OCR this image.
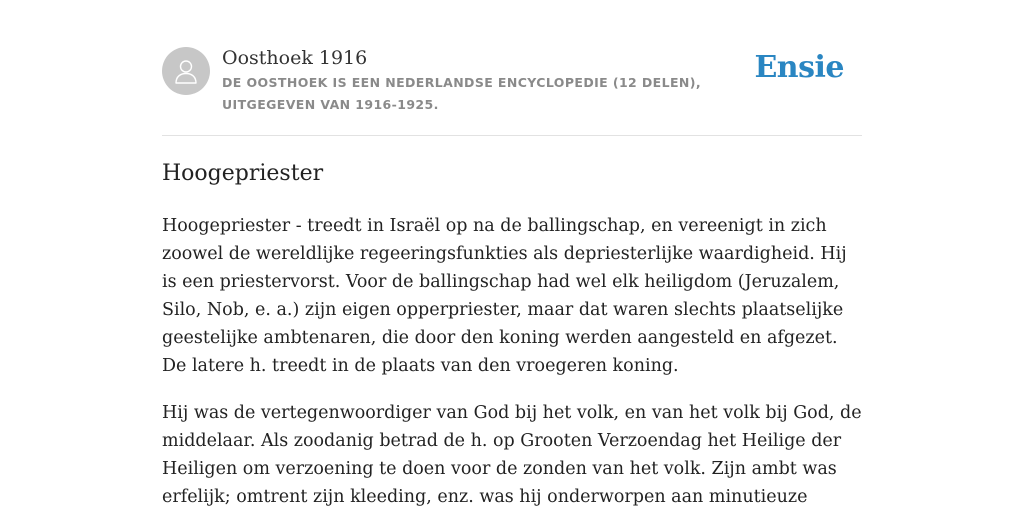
Oosthoek 1916
DE OOSTHOEK IS EEN NEDERLANDSE ENCYCLOPEDIE (12 DELEN), UITGEGEVEN VAN 1916-1925.
Ensie
Hoogepriester

Hoogepriester - treedt in Israël op na de ballingschap, en vereenigt in zich zoowel de wereldlijke regeeringsfunkties als depriesterlijke waardigheid. Hij is een priestervorst. Voor de ballingschap had wel elk heiligdom (Jeruzalem, Silo, Nob, e. a.) zijn eigen opperpriester, maar dat waren slechts plaatselijke geestelijke ambtenaren, die door den koning werden aangesteld en afgezet. De latere h. treedt in de plaats van den vroegeren koning.

Hij was de vertegenwoordiger van God bij het volk, en van het volk bij God, de middelaar. Als zoodanig betrad de h. op Grooten Verzoendag het Heilige der Heiligen om verzoening te doen voor de zonden van het volk. Zijn ambt was erfelijk; omtrent zijn kleeding, enz. was hij onderworpen aan minutieuze
